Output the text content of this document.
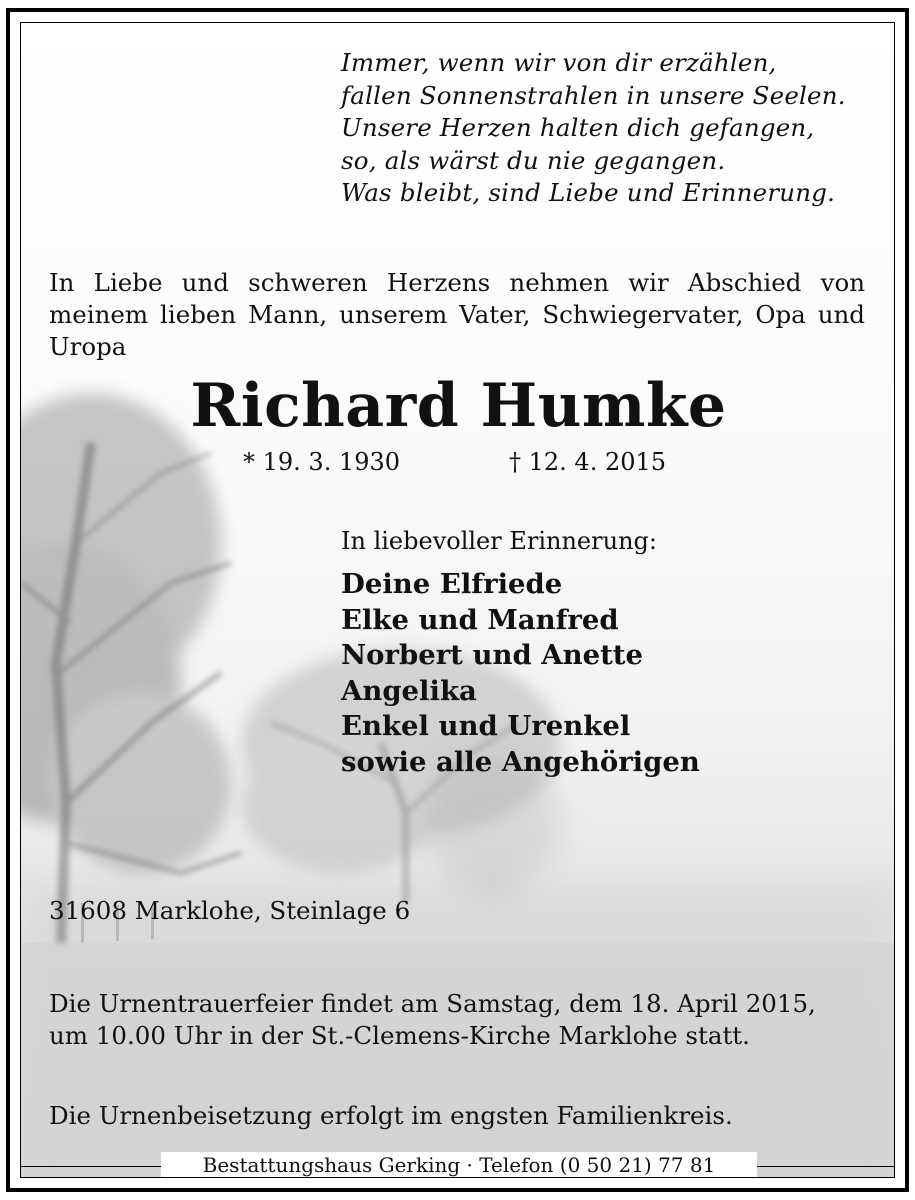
Immer, wenn wir von dir erzählen,
fallen Sonnenstrahlen in unsere Seelen.
Unsere Herzen halten dich gefangen,
so, als wärst du nie gegangen.
Was bleibt, sind Liebe und Erinnerung.
In Liebe und schweren Herzens nehmen wir Abschied von
meinem lieben Mann, unserem Vater, Schwiegervater, Opa und
Uropa
Richard Humke
* 19. 3. 1930	† 12. 4. 2015
In liebevoller Erinnerung:
Deine Elfriede
Elke und Manfred
Norbert und Anette
Angelika
Enkel und Urenkel
sowie alle Angehörigen
31608 Marklohe, Steinlage 6
Die Urnentrauerfeier findet am Samstag, dem 18. April 2015,
um 10.00 Uhr in der St.-Clemens-Kirche Marklohe statt.
Die Urnenbeisetzung erfolgt im engsten Familienkreis.
Bestattungshaus Gerking · Telefon (0 50 21) 77 81
